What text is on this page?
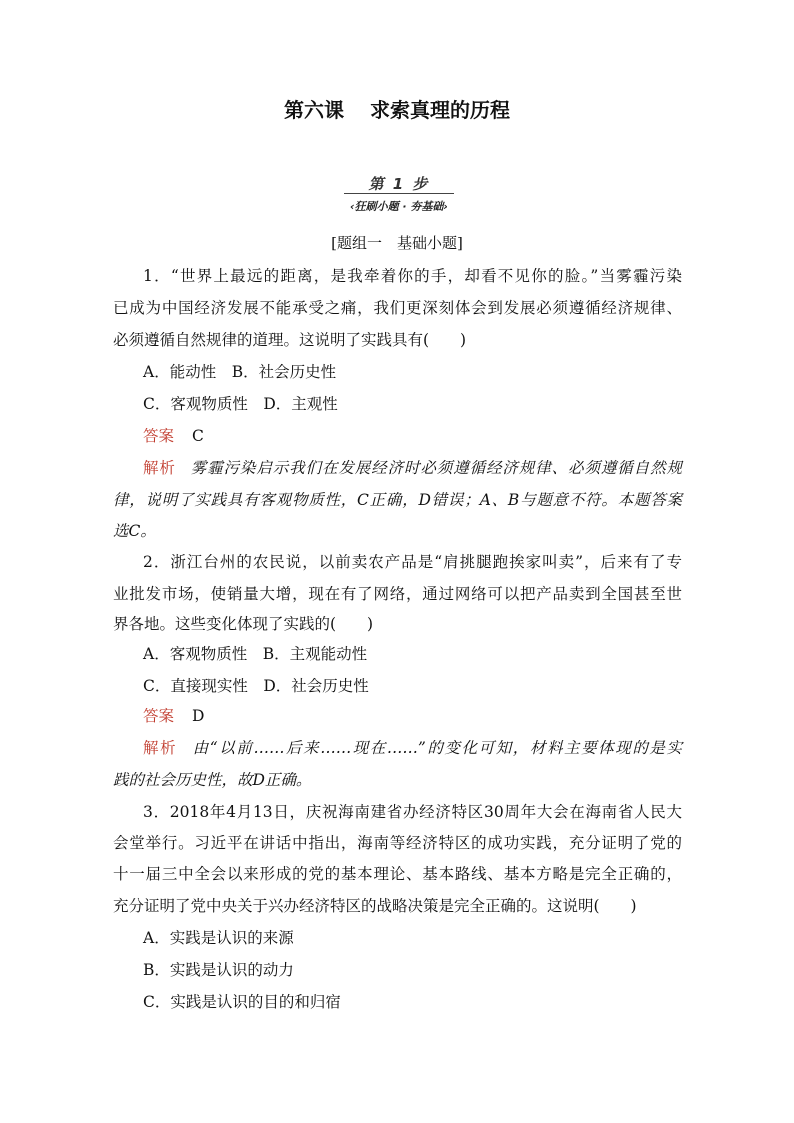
第六课 求索真理的历程
第 1 步
‹狂刷小题 · 夯基础›
[题组一　基础小题]
1．“世界上最远的距离，是我牵着你的手，却看不见你的脸。”当雾霾污染
已成为中国经济发展不能承受之痛，我们更深刻体会到发展必须遵循经济规律、
必须遵循自然规律的道理。这说明了实践具有(　　)
A．能动性　B．社会历史性
C．客观物质性　D．主观性
答案 C
解析 雾霾污染启示我们在发展经济时必须遵循经济规律、必须遵循自然规
律，说明了实践具有客观物质性，C正确，D错误；A、B与题意不符。本题答案
选C。
2．浙江台州的农民说，以前卖农产品是“肩挑腿跑挨家叫卖”，后来有了专
业批发市场，使销量大增，现在有了网络，通过网络可以把产品卖到全国甚至世
界各地。这些变化体现了实践的(　　)
A．客观物质性　B．主观能动性
C．直接现实性　D．社会历史性
答案 D
解析 由“以前……后来……现在……”的变化可知，材料主要体现的是实
践的社会历史性，故D正确。
3．2018年4月13日，庆祝海南建省办经济特区30周年大会在海南省人民大
会堂举行。习近平在讲话中指出，海南等经济特区的成功实践，充分证明了党的
十一届三中全会以来形成的党的基本理论、基本路线、基本方略是完全正确的，
充分证明了党中央关于兴办经济特区的战略决策是完全正确的。这说明(　　)
A．实践是认识的来源
B．实践是认识的动力
C．实践是认识的目的和归宿
